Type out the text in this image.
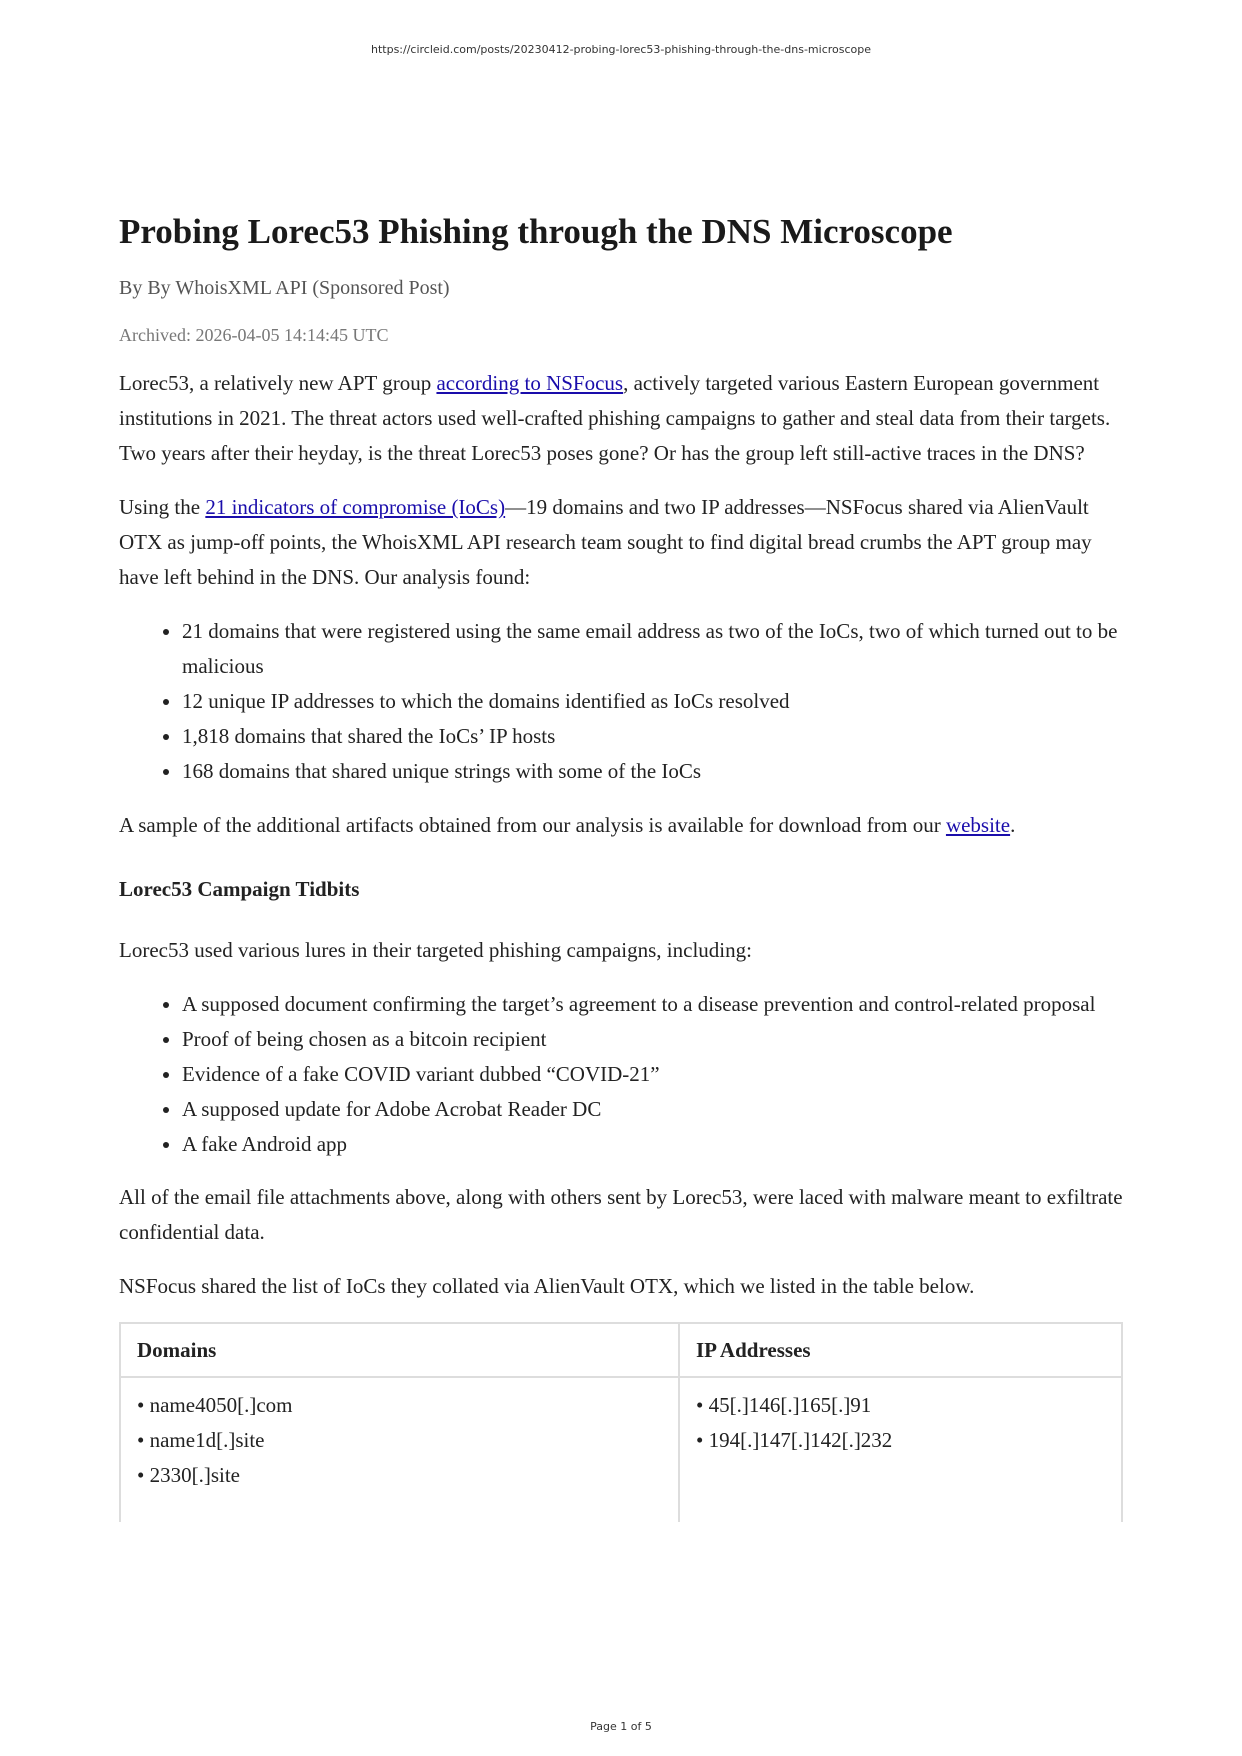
https://circleid.com/posts/20230412-probing-lorec53-phishing-through-the-dns-microscope

Probing Lorec53 Phishing through the DNS Microscope
By By WhoisXML API (Sponsored Post)
Archived: 2026-04-05 14:14:45 UTC

Lorec53, a relatively new APT group according to NSFocus, actively targeted various Eastern European government institutions in 2021. The threat actors used well-crafted phishing campaigns to gather and steal data from their targets. Two years after their heyday, is the threat Lorec53 poses gone? Or has the group left still-active traces in the DNS?

Using the 21 indicators of compromise (IoCs)—19 domains and two IP addresses—NSFocus shared via AlienVault OTX as jump-off points, the WhoisXML API research team sought to find digital bread crumbs the APT group may have left behind in the DNS. Our analysis found:

• 21 domains that were registered using the same email address as two of the IoCs, two of which turned out to be malicious
• 12 unique IP addresses to which the domains identified as IoCs resolved
• 1,818 domains that shared the IoCs’ IP hosts
• 168 domains that shared unique strings with some of the IoCs

A sample of the additional artifacts obtained from our analysis is available for download from our website.

Lorec53 Campaign Tidbits

Lorec53 used various lures in their targeted phishing campaigns, including:

• A supposed document confirming the target’s agreement to a disease prevention and control-related proposal
• Proof of being chosen as a bitcoin recipient
• Evidence of a fake COVID variant dubbed “COVID-21”
• A supposed update for Adobe Acrobat Reader DC
• A fake Android app

All of the email file attachments above, along with others sent by Lorec53, were laced with malware meant to exfiltrate confidential data.

NSFocus shared the list of IoCs they collated via AlienVault OTX, which we listed in the table below.

Domains	IP Addresses

• name4050[.]com
• name1d[.]site
• 2330[.]site	• 45[.]146[.]165[.]91
• 194[.]147[.]142[.]232

Page 1 of 5
